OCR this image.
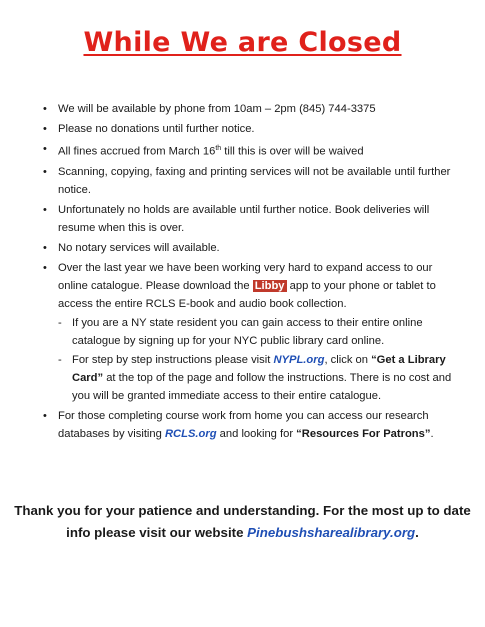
While We are Closed
• We will be available by phone from 10am – 2pm (845) 744-3375
• Please no donations until further notice.
• All fines accrued from March 16th till this is over will be waived
• Scanning, copying, faxing and printing services will not be available until further notice.
• Unfortunately no holds are available until further notice. Book deliveries will resume when this is over.
• No notary services will available.
• Over the last year we have been working very hard to expand access to our online catalogue. Please download the Libby app to your phone or tablet to access the entire RCLS E-book and audio book collection.
- If you are a NY state resident you can gain access to their entire online catalogue by signing up for your NYC public library card online.
- For step by step instructions please visit NYPL.org, click on “Get a Library Card” at the top of the page and follow the instructions. There is no cost and you will be granted immediate access to their entire catalogue.
• For those completing course work from home you can access our research databases by visiting RCLS.org and looking for “Resources For Patrons”.
Thank you for your patience and understanding. For the most up to date info please visit our website Pinebushsharealibrary.org.
